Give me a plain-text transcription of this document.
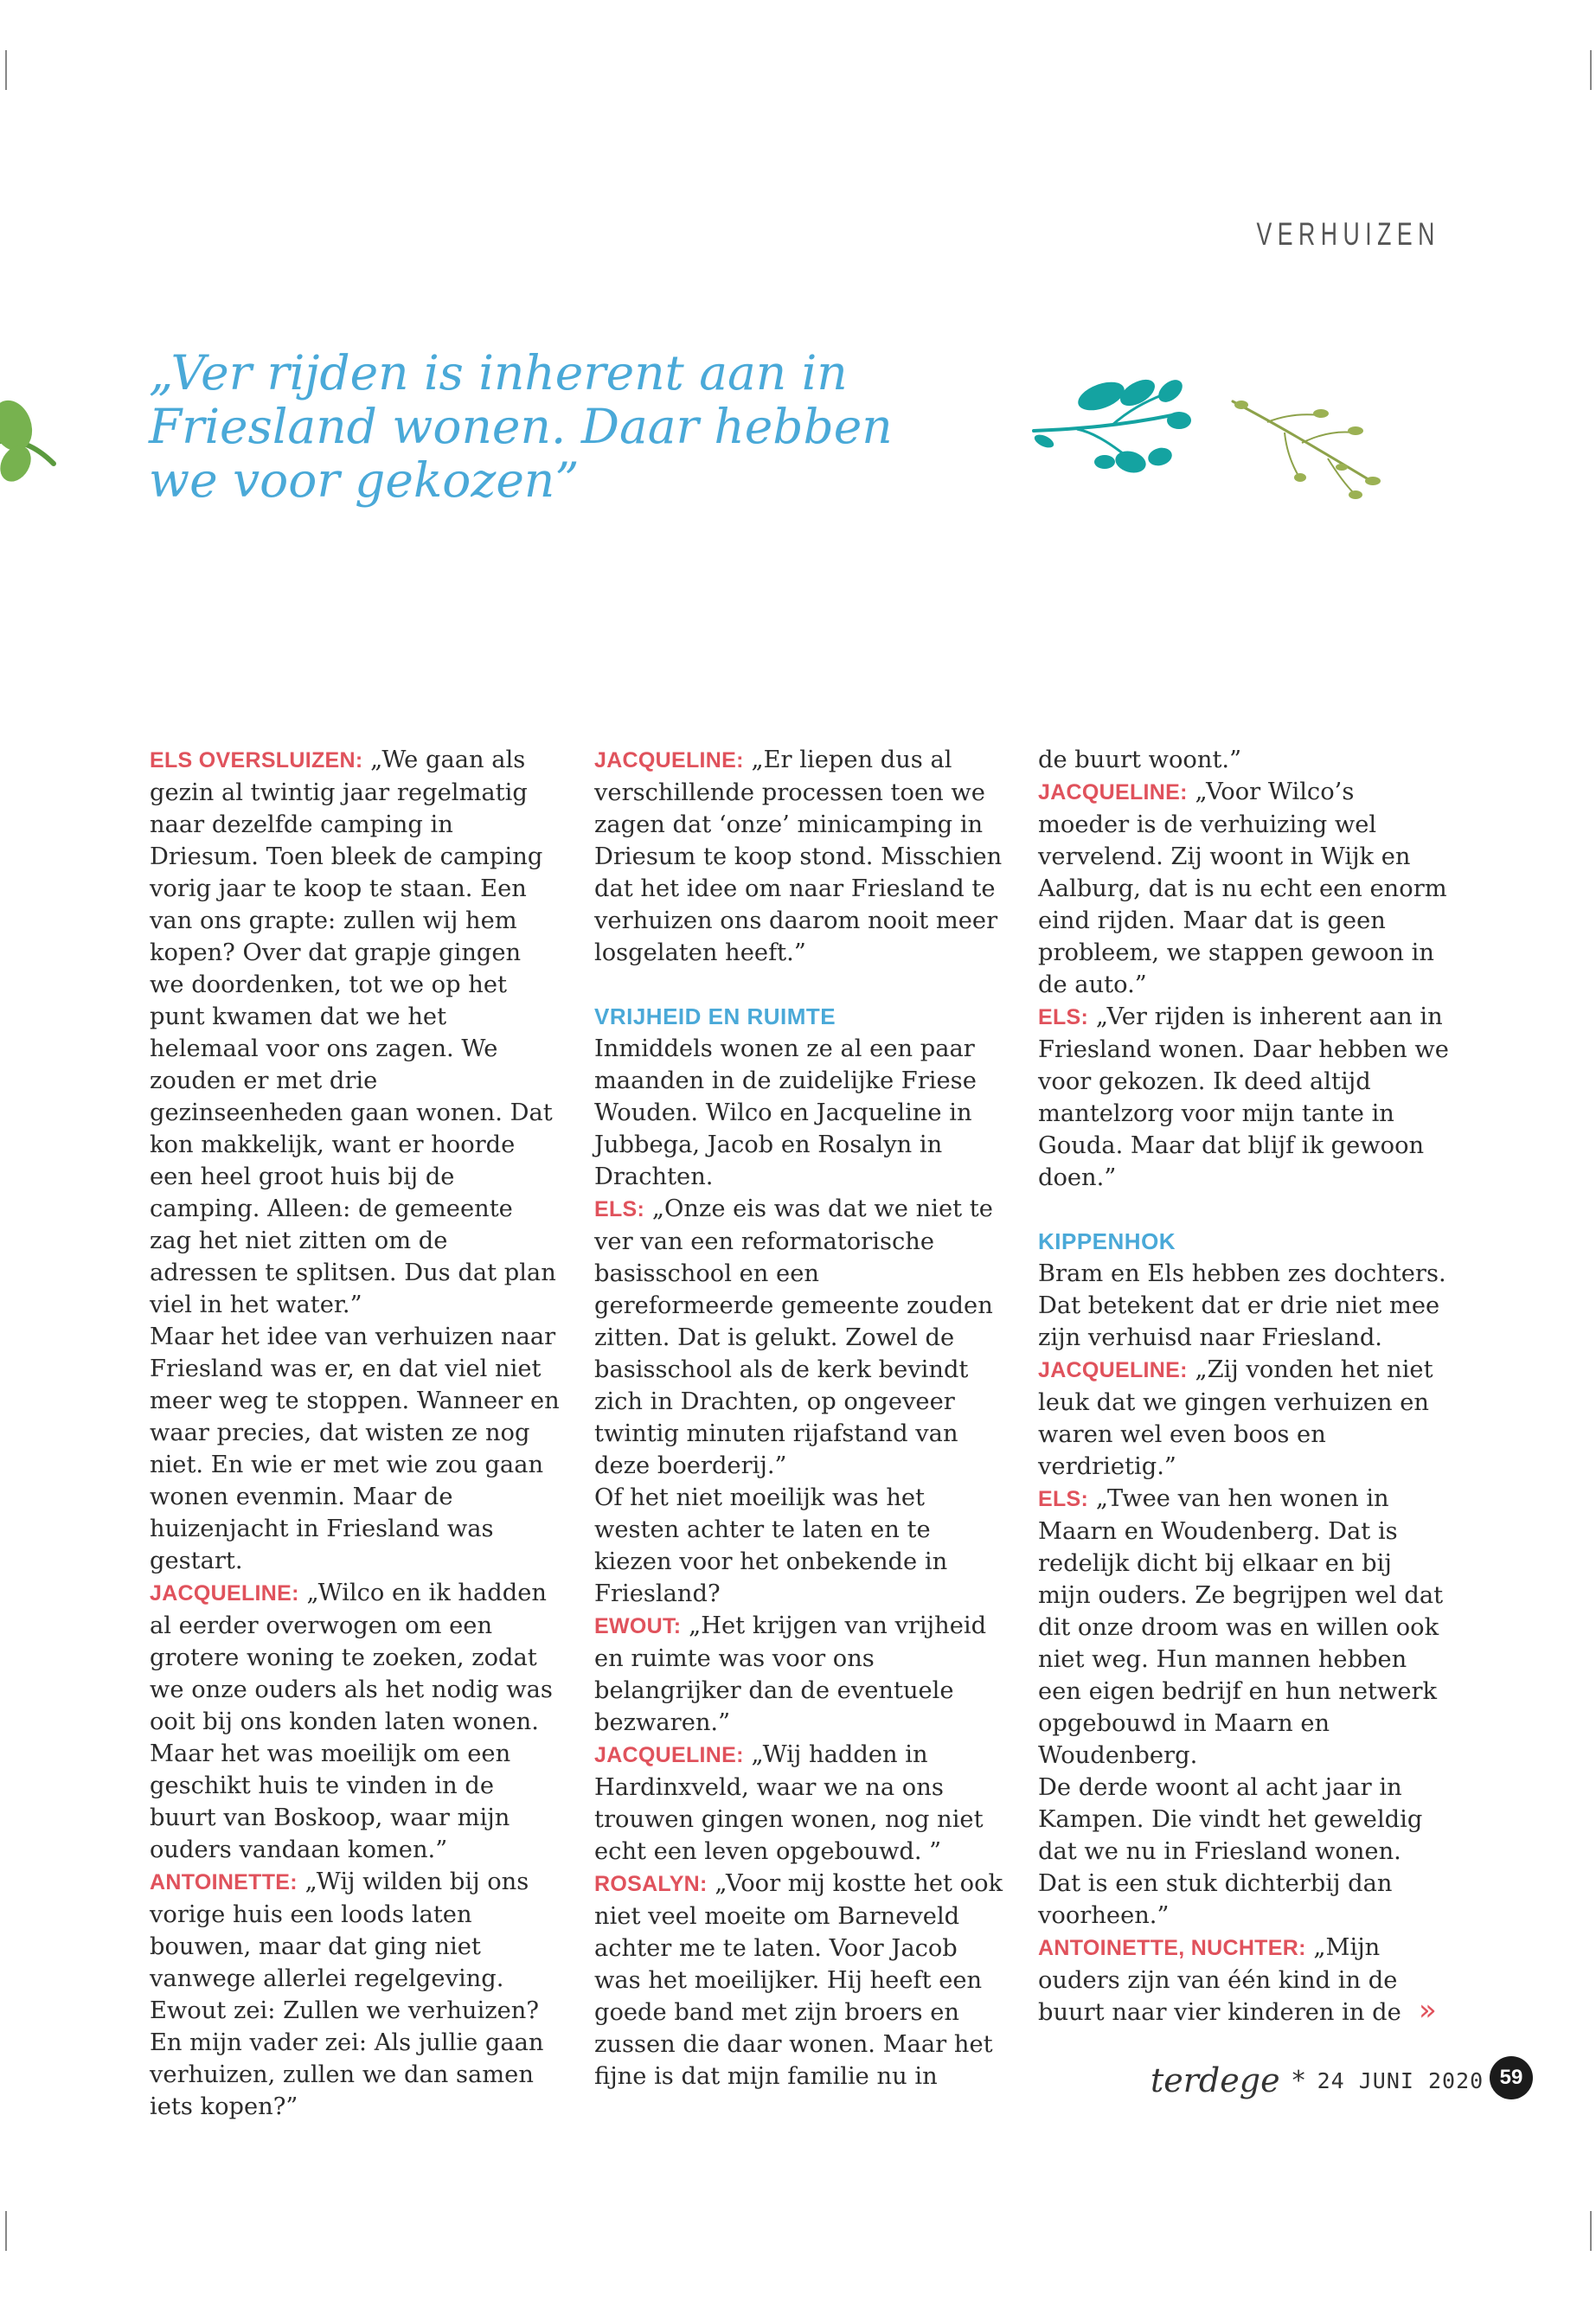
VERHUIZEN

„Ver rijden is inherent aan in Friesland wonen. Daar hebben we voor gekozen”

ELS OVERSLUIZEN: „We gaan als gezin al twintig jaar regelmatig naar dezelfde camping in Driesum. Toen bleek de camping vorig jaar te koop te staan. Een van ons grapte: zullen wij hem kopen? Over dat grapje gingen we doordenken, tot we op het punt kwamen dat we het helemaal voor ons zagen. We zouden er met drie gezinseenheden gaan wonen. Dat kon makkelijk, want er hoorde een heel groot huis bij de camping. Alleen: de gemeente zag het niet zitten om de adressen te splitsen. Dus dat plan viel in het water.”

Maar het idee van verhuizen naar Friesland was er, en dat viel niet meer weg te stoppen. Wanneer en waar precies, dat wisten ze nog niet. En wie er met wie zou gaan wonen evenmin. Maar de huizenjacht in Friesland was gestart.

JACQUELINE: „Wilco en ik hadden al eerder overwogen om een grotere woning te zoeken, zodat we onze ouders als het nodig was ooit bij ons konden laten wonen. Maar het was moeilijk om een geschikt huis te vinden in de buurt van Boskoop, waar mijn ouders vandaan komen.”

ANTOINETTE: „Wij wilden bij ons vorige huis een loods laten bouwen, maar dat ging niet vanwege allerlei regelgeving. Ewout zei: Zullen we verhuizen? En mijn vader zei: Als jullie gaan verhuizen, zullen we dan samen iets kopen?”

JACQUELINE: „Er liepen dus al verschillende processen toen we zagen dat ‘onze’ minicamping in Driesum te koop stond. Misschien dat het idee om naar Friesland te verhuizen ons daarom nooit meer losgelaten heeft.”

VRIJHEID EN RUIMTE

Inmiddels wonen ze al een paar maanden in de zuidelijke Friese Wouden. Wilco en Jacqueline in Jubbega, Jacob en Rosalyn in Drachten.

ELS: „Onze eis was dat we niet te ver van een reformatorische basisschool en een gereformeerde gemeente zouden zitten. Dat is gelukt. Zowel de basisschool als de kerk bevindt zich in Drachten, op ongeveer twintig minuten rijafstand van deze boerderij.”

Of het niet moeilijk was het westen achter te laten en te kiezen voor het onbekende in Friesland?

EWOUT: „Het krijgen van vrijheid en ruimte was voor ons belangrijker dan de eventuele bezwaren.”

JACQUELINE: „Wij hadden in Hardinxveld, waar we na ons trouwen gingen wonen, nog niet echt een leven opgebouwd. ”

ROSALYN: „Voor mij kostte het ook niet veel moeite om Barneveld achter me te laten. Voor Jacob was het moeilijker. Hij heeft een goede band met zijn broers en zussen die daar wonen. Maar het fijne is dat mijn familie nu in

de buurt woont.”

JACQUELINE: „Voor Wilco’s moeder is de verhuizing wel vervelend. Zij woont in Wijk en Aalburg, dat is nu echt een enorm eind rijden. Maar dat is geen probleem, we stappen gewoon in de auto.”

ELS: „Ver rijden is inherent aan in Friesland wonen. Daar hebben we voor gekozen. Ik deed altijd mantelzorg voor mijn tante in Gouda. Maar dat blijf ik gewoon doen.”

KIPPENHOK

Bram en Els hebben zes dochters. Dat betekent dat er drie niet mee zijn verhuisd naar Friesland.

JACQUELINE: „Zij vonden het niet leuk dat we gingen verhuizen en waren wel even boos en verdrietig.”

ELS: „Twee van hen wonen in Maarn en Woudenberg. Dat is redelijk dicht bij elkaar en bij mijn ouders. Ze begrijpen wel dat dit onze droom was en willen ook niet weg. Hun mannen hebben een eigen bedrijf en hun netwerk opgebouwd in Maarn en Woudenberg.

De derde woont al acht jaar in Kampen. Die vindt het geweldig dat we nu in Friesland wonen. Dat is een stuk dichterbij dan voorheen.”

ANTOINETTE, NUCHTER: „Mijn ouders zijn van één kind in de buurt naar vier kinderen in de »
terdege * 24 JUNI 2020 59
